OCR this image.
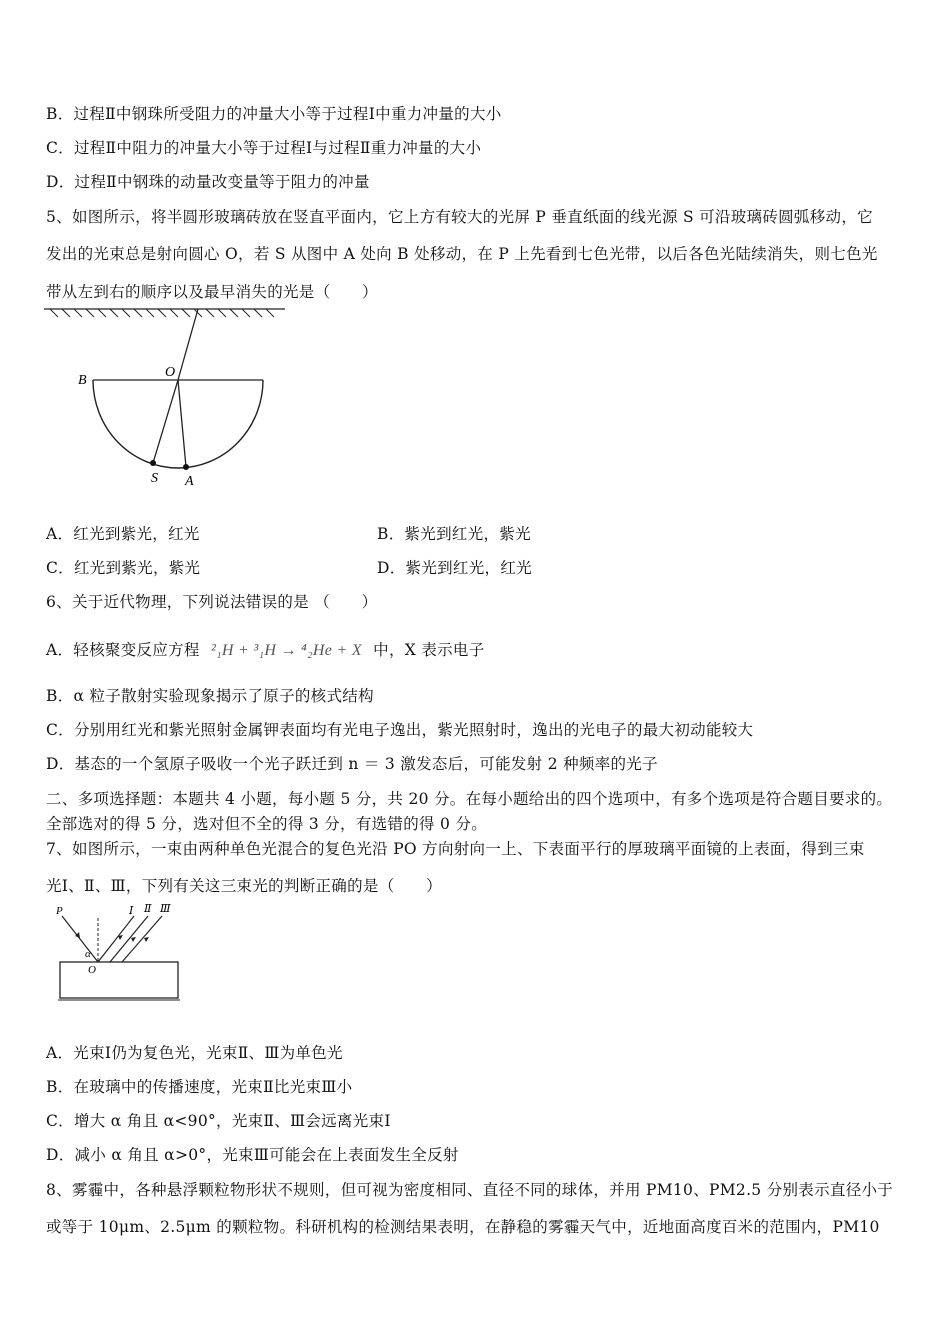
B．过程Ⅱ中钢珠所受阻力的冲量大小等于过程Ⅰ中重力冲量的大小
C．过程Ⅱ中阻力的冲量大小等于过程Ⅰ与过程Ⅱ重力冲量的大小
D．过程Ⅱ中钢珠的动量改变量等于阻力的冲量
5、如图所示，将半圆形玻璃砖放在竖直平面内，它上方有较大的光屏 P 垂直纸面的线光源 S 可沿玻璃砖圆弧移动，它
发出的光束总是射向圆心 O，若 S 从图中 A 处向 B 处移动，在 P 上先看到七色光带，以后各色光陆续消失，则七色光
带从左到右的顺序以及最早消失的光是（　　）
B
O
S A
A．红光到紫光，红光	B．紫光到红光，紫光
C．红光到紫光，紫光	D．紫光到红光，红光
6、关于近代物理，下列说法错误的是 （　　）
A．轻核聚变反应方程 ²₁H + ³₁H → ⁴₂He + X 中，X 表示电子
B．α 粒子散射实验现象揭示了原子的核式结构
C．分别用红光和紫光照射金属钾表面均有光电子逸出，紫光照射时，逸出的光电子的最大初动能较大
D．基态的一个氢原子吸收一个光子跃迁到 n ＝ 3 激发态后，可能发射 2 种频率的光子
二、多项选择题：本题共 4 小题，每小题 5 分，共 20 分。在每小题给出的四个选项中，有多个选项是符合题目要求的。
全部选对的得 5 分，选对但不全的得 3 分，有选错的得 0 分。
7、如图所示，一束由两种单色光混合的复色光沿 PO 方向射向一上、下表面平行的厚玻璃平面镜的上表面，得到三束
光Ⅰ、Ⅱ、Ⅲ，下列有关这三束光的判断正确的是（　　）
P	Ⅰ Ⅱ Ⅲ
α
O
A．光束Ⅰ仍为复色光，光束Ⅱ、Ⅲ为单色光
B．在玻璃中的传播速度，光束Ⅱ比光束Ⅲ小
C．增大 α 角且 α<90°，光束Ⅱ、Ⅲ会远离光束Ⅰ
D．减小 α 角且 α>0°，光束Ⅲ可能会在上表面发生全反射
8、雾霾中，各种悬浮颗粒物形状不规则，但可视为密度相同、直径不同的球体，并用 PM10、PM2.5 分别表示直径小于
或等于 10μm、2.5μm 的颗粒物。科研机构的检测结果表明，在静稳的雾霾天气中，近地面高度百米的范围内，PM10
